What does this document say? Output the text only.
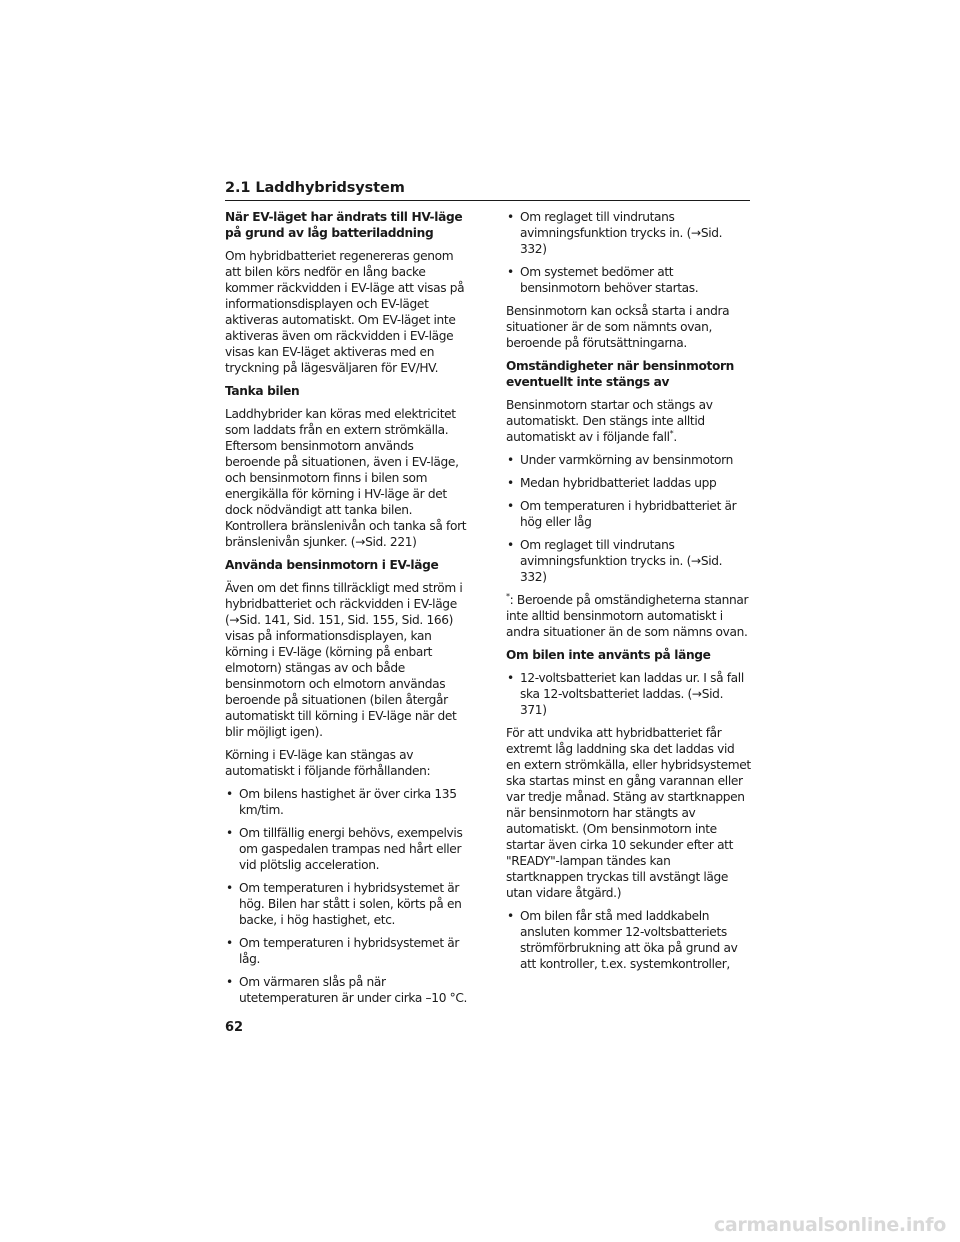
2.1 Laddhybridsystem
När EV-läget har ändrats till HV-läge på grund av låg batteriladdning

Om hybridbatteriet regenereras genom att bilen körs nedför en lång backe kommer räckvidden i EV-läge att visas på informationsdisplayen och EV-läget aktiveras automatiskt. Om EV-läget inte aktiveras även om räckvidden i EV-läge visas kan EV-läget aktiveras med en tryckning på lägesväljaren för EV/HV.

Tanka bilen

Laddhybrider kan köras med elektricitet som laddats från en extern strömkälla. Eftersom bensinmotorn används beroende på situationen, även i EV-läge, och bensinmotorn finns i bilen som energikälla för körning i HV-läge är det dock nödvändigt att tanka bilen. Kontrollera bränslenivån och tanka så fort bränslenivån sjunker. (→Sid. 221)

Använda bensinmotorn i EV-läge

Även om det finns tillräckligt med ström i hybridbatteriet och räckvidden i EV-läge (→Sid. 141, Sid. 151, Sid. 155, Sid. 166) visas på informationsdisplayen, kan körning i EV-läge (körning på enbart elmotorn) stängas av och både bensinmotorn och elmotorn användas beroende på situationen (bilen återgår automatiskt till körning i EV-läge när det blir möjligt igen).

Körning i EV-läge kan stängas av automatiskt i följande förhållanden:

• Om bilens hastighet är över cirka 135 km/tim.
• Om tillfällig energi behövs, exempelvis om gaspedalen trampas ned hårt eller vid plötslig acceleration.
• Om temperaturen i hybridsystemet är hög. Bilen har stått i solen, körts på en backe, i hög hastighet, etc.
• Om temperaturen i hybridsystemet är låg.
• Om värmaren slås på när utetemperaturen är under cirka –10 °C.
• Om reglaget till vindrutans avimningsfunktion trycks in. (→Sid. 332)
• Om systemet bedömer att bensinmotorn behöver startas.

Bensinmotorn kan också starta i andra situationer är de som nämnts ovan, beroende på förutsättningarna.

Omständigheter när bensinmotorn eventuellt inte stängs av

Bensinmotorn startar och stängs av automatiskt. Den stängs inte alltid automatiskt av i följande fall*.

• Under varmkörning av bensinmotorn
• Medan hybridbatteriet laddas upp
• Om temperaturen i hybridbatteriet är hög eller låg
• Om reglaget till vindrutans avimningsfunktion trycks in. (→Sid. 332)

*: Beroende på omständigheterna stannar inte alltid bensinmotorn automatiskt i andra situationer än de som nämns ovan.

Om bilen inte använts på länge
• 12-voltsbatteriet kan laddas ur. I så fall ska 12-voltsbatteriet laddas. (→Sid. 371)

För att undvika att hybridbatteriet får extremt låg laddning ska det laddas vid en extern strömkälla, eller hybridsystemet ska startas minst en gång varannan eller var tredje månad. Stäng av startknappen när bensinmotorn har stängts av automatiskt. (Om bensinmotorn inte startar även cirka 10 sekunder efter att "READY"-lampan tändes kan startknappen tryckas till avstängt läge utan vidare åtgärd.)

• Om bilen får stå med laddkabeln ansluten kommer 12-voltsbatteriets strömförbrukning att öka på grund av att kontroller, t.ex. systemkontroller,
62
carmanualsonline.info
